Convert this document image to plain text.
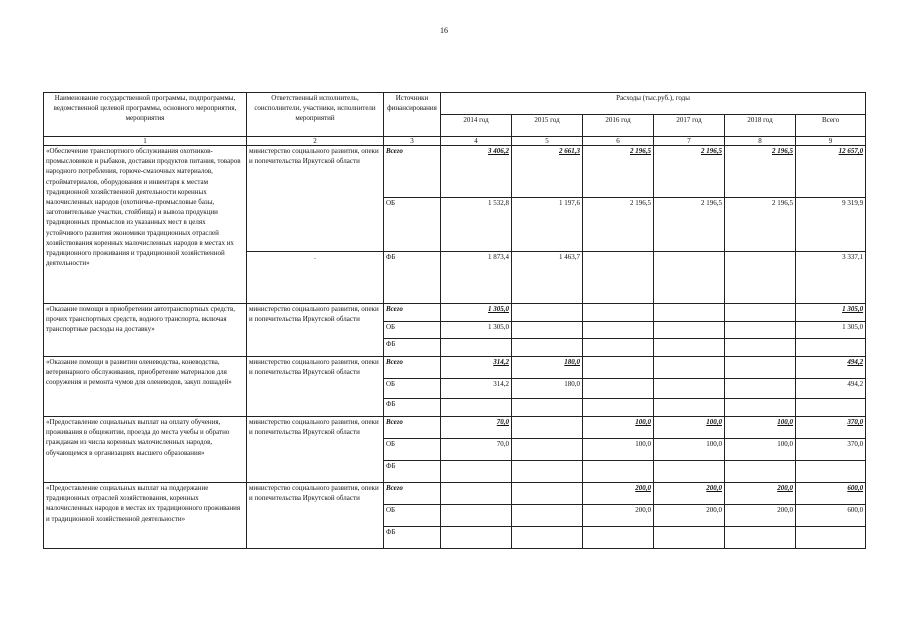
16
Наименование государственной программы, подпрограммы, ведомственной целевой программы, основного мероприятия, мероприятия	Ответственный исполнитель, соисполнители, участники, исполнители мероприятий	Источники финансирования	Расходы (тыс.руб.), годы					
			2014 год	2015 год	2016 год	2017 год	2018 год	Всего
1	2	3	4	5	6	7	8	9
«Обеспечение транспортного обслуживания охотников-промысловиков и рыбаков, доставки продуктов питания, товаров народного потребления, горюче-смазочных материалов, стройматериалов, оборудования и инвентаря к местам традиционной хозяйственной деятельности коренных малочисленных народов (охотничье-промысловые базы, заготовительные участки, стойбища) и вывоза продукции традиционных промыслов из указанных мест в целях устойчивого развития экономики традиционных отраслей хозяйствования коренных малочисленных народов в местах их традиционного проживания и традиционной хозяйственной деятельности»	министерство социального развития, опеки и попечительства Иркутской области	Всего	3 406,2	2 661,3	2 196,5	2 196,5	2 196,5	12 657,0
		ОБ	1 532,8	1 197,6	2 196,5	2 196,5	2 196,5	9 319,9
	.	ФБ	1 873,4	1 463,7				3 337,1
«Оказание помощи в приобретении автотранспортных средств, прочих транспортных средств, водного транспорта, включая транспортные расходы на доставку»	министерство социального развития, опеки и попечительства Иркутской области	Всего	1 305,0					1 305,0
		ОБ	1 305,0					1 305,0
		ФБ						
«Оказание помощи в развитии оленеводства, коневодства, ветеринарного обслуживания, приобретение материалов для сооружения и ремонта чумов для оленеводов, закуп лошадей»	министерство социального развития, опеки и попечительства Иркутской области	Всего	314,2	180,0				494,2
		ОБ	314,2	180,0				494,2
		ФБ						
«Предоставление социальных выплат на оплату обучения, проживания в общежитии, проезда до места учебы и обратно гражданам из числа коренных малочисленных народов, обучающемся в организациях высшего образования»	министерство социального развития, опеки и попечительства Иркутской области	Всего	70,0		100,0	100,0	100,0	370,0
		ОБ	70,0		100,0	100,0	100,0	370,0
		ФБ						
«Предоставление социальных выплат на поддержание традиционных отраслей хозяйствования, коренных малочисленных народов в местах их традиционного проживания и традиционной хозяйственной деятельности»	министерство социального развития, опеки и попечительства Иркутской области	Всего			200,0	200,0	200,0	600,0
		ОБ			200,0	200,0	200,0	600,0
		ФБ						
